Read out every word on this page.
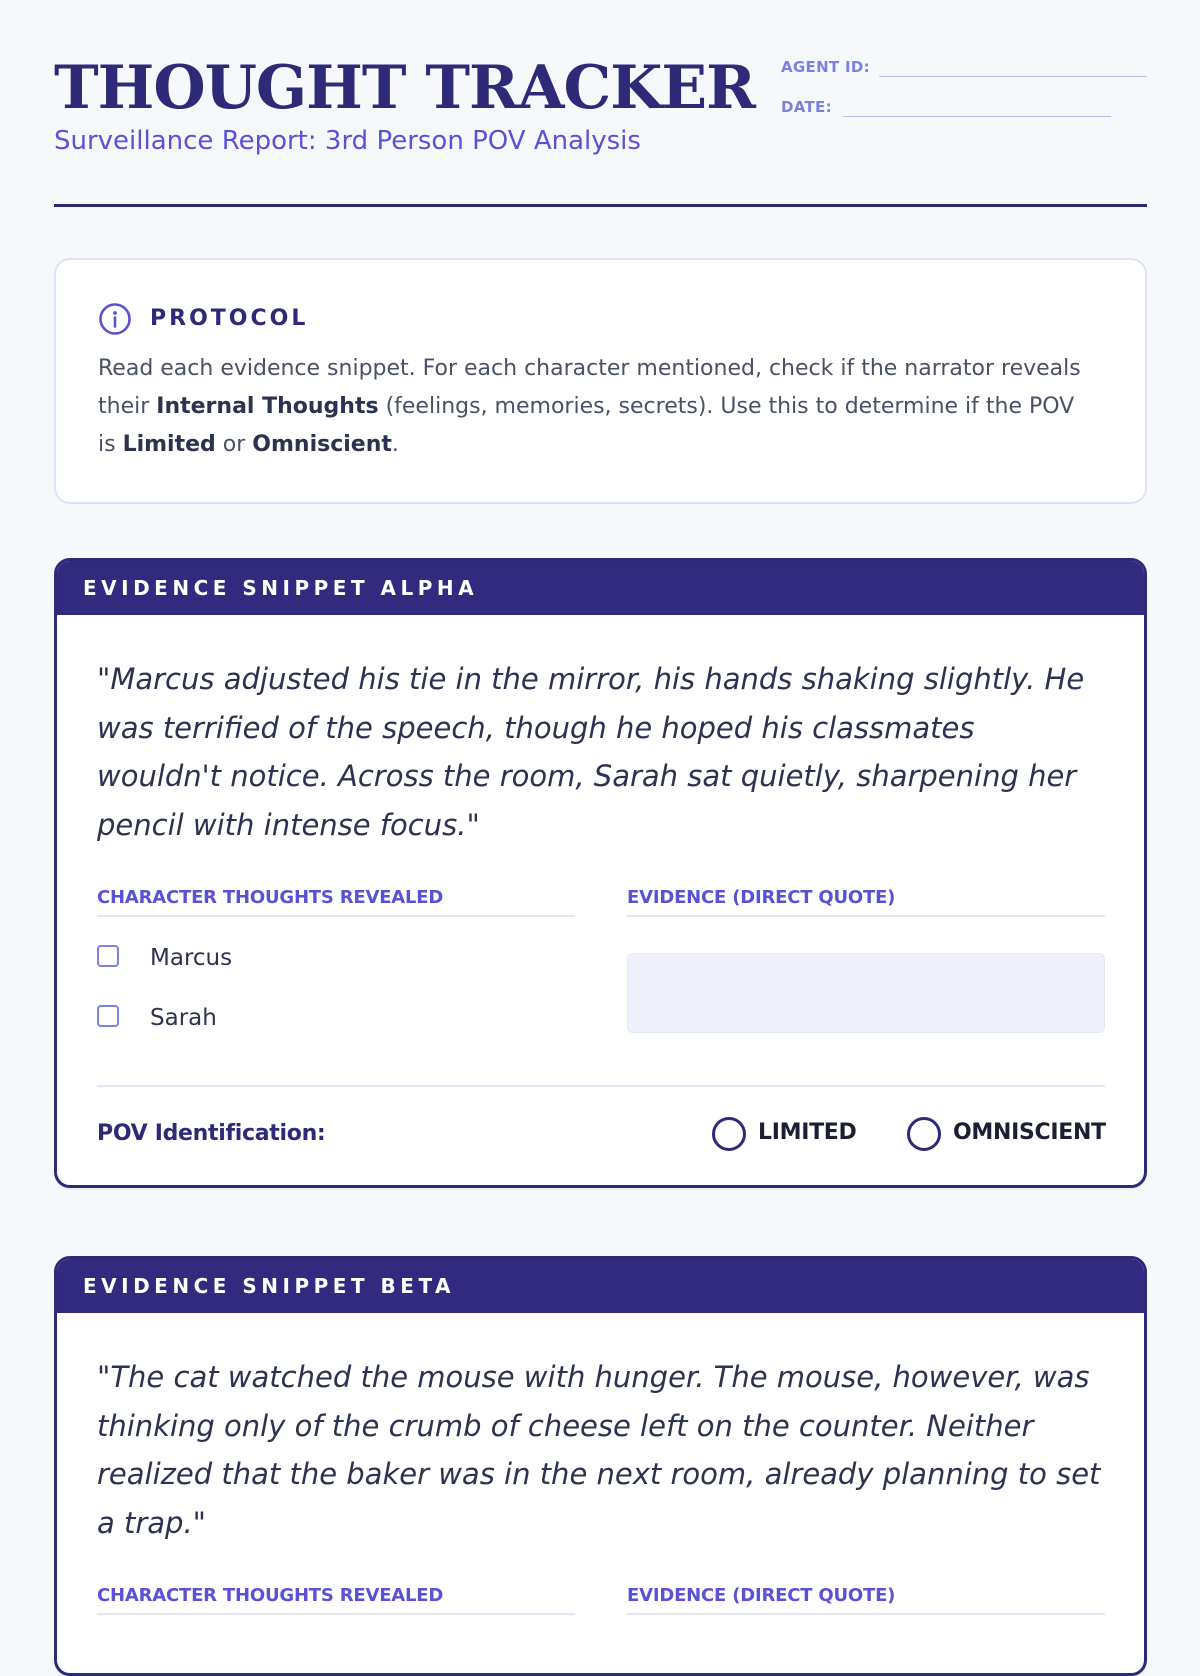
THOUGHT TRACKER
Surveillance Report: 3rd Person POV Analysis
AGENT ID:
DATE:
PROTOCOL

Read each evidence snippet. For each character mentioned, check if the narrator reveals their Internal Thoughts (feelings, memories, secrets). Use this to determine if the POV is Limited or Omniscient.

EVIDENCE SNIPPET ALPHA

"Marcus adjusted his tie in the mirror, his hands shaking slightly. He was terrified of the speech, though he hoped his classmates wouldn't notice. Across the room, Sarah sat quietly, sharpening her pencil with intense focus."

CHARACTER THOUGHTS REVEALED	EVIDENCE (DIRECT QUOTE)
Marcus
Sarah
POV Identification:	LIMITED	OMNISCIENT
EVIDENCE SNIPPET BETA

"The cat watched the mouse with hunger. The mouse, however, was thinking only of the crumb of cheese left on the counter. Neither realized that the baker was in the next room, already planning to set a trap."

CHARACTER THOUGHTS REVEALED	EVIDENCE (DIRECT QUOTE)
